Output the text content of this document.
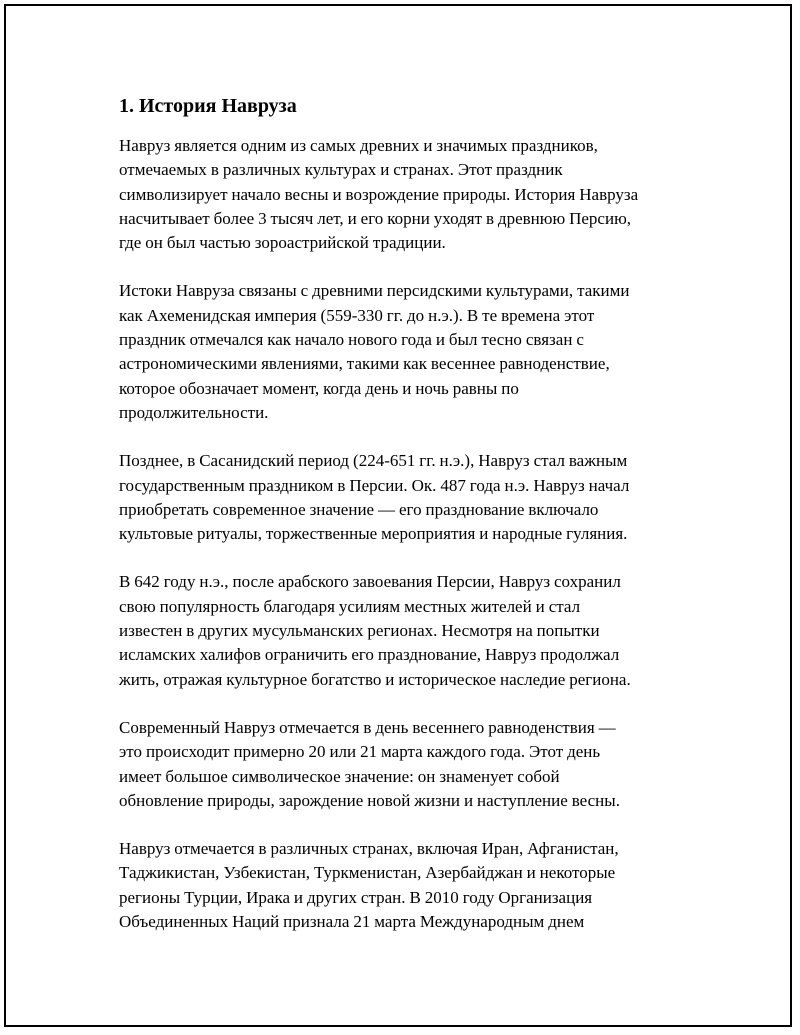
1. История Навруза

Навруз является одним из самых древних и значимых праздников,
отмечаемых в различных культурах и странах. Этот праздник
символизирует начало весны и возрождение природы. История Навруза
насчитывает более 3 тысяч лет, и его корни уходят в древнюю Персию,
где он был частью зороастрийской традиции.

Истоки Навруза связаны с древними персидскими культурами, такими
как Ахеменидская империя (559-330 гг. до н.э.). В те времена этот
праздник отмечался как начало нового года и был тесно связан с
астрономическими явлениями, такими как весеннее равноденствие,
которое обозначает момент, когда день и ночь равны по
продолжительности.

Позднее, в Сасанидский период (224-651 гг. н.э.), Навруз стал важным
государственным праздником в Персии. Ок. 487 года н.э. Навруз начал
приобретать современное значение — его празднование включало
культовые ритуалы, торжественные мероприятия и народные гуляния.

В 642 году н.э., после арабского завоевания Персии, Навруз сохранил
свою популярность благодаря усилиям местных жителей и стал
известен в других мусульманских регионах. Несмотря на попытки
исламских халифов ограничить его празднование, Навруз продолжал
жить, отражая культурное богатство и историческое наследие региона.

Современный Навруз отмечается в день весеннего равноденствия —
это происходит примерно 20 или 21 марта каждого года. Этот день
имеет большое символическое значение: он знаменует собой
обновление природы, зарождение новой жизни и наступление весны.

Навруз отмечается в различных странах, включая Иран, Афганистан,
Таджикистан, Узбекистан, Туркменистан, Азербайджан и некоторые
регионы Турции, Ирака и других стран. В 2010 году Организация
Объединенных Наций признала 21 марта Международным днем
